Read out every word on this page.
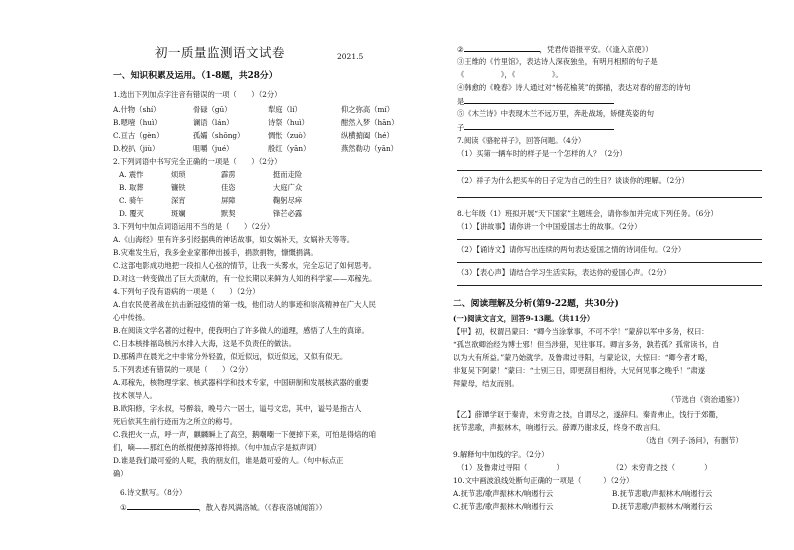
初一质量监测语文试卷	2021.5
一、知识积累及运用。（1-8题，共28分）
1.选出下列加点字注音有错误的一项（　　）（2分）
A.什物（shí）	骨碌（gū）	犁庭（lí）	仰之弥高（mí）
B.嗯噎（huì）	谰语（lán）	诗祭（huì）	酣然入梦（hān）
C.亘古（gèn）	孤孀（shōng）	惆怅（zuò）	纵横掮阖（hé）
D.校扒（jiù）	咀嚼（jué）	殷红（yān）	燕然勒功（yān）
2.下列词语中书写完全正确的一项是（　　）（2分）
A. 震怍	烦琐	霹雳	挺而走险
B. 取葬	镰铁	佳恣	大庭广众
C. 骑午	深宵	屏障	鞠躬尽瘁
D. 覆灭	斑斓	默契	锋芒必露
3.下列句中加点词语运用不当的是（　　）（2分）
A.《山海经》里有许多引经据典的神话故事，如女娲补天，女娲补天等等。
B.灾难发生后，我多金业家都伸出援手，捐款捐物，慷慨捐满。
C.这部电影成功地把一段扣人心弦的情节，让我一头雾水，完全忘记了如何思考。
D.对这一转变做出了巨大贡献的，有一位长期以来鲜为人知的科学家——邓稼先。
4.下列句子没有语病的一项是（　　）（2分）
A.自农民使者战在抗击新冠疫情的第一线，他们动人的事迹和崇高精神在广大人民
心中传扬。
B.在阅读文学名著的过程中，使我明白了许多做人的道理，感悟了人生的真谛。
C.日本核排福岛核污水排入大海，这是不负责任的做法。
D.那稀声在晨光之中非常分外轻盈，似近似远，似近似远，又似有似无。
5.下列表述有错误的一项是（　　）（2分）
A.邓稼先，核物理学家、核武器科学和技术专家，中国研制和发展核武器的重要
技术领导人。
B.欧阳修，字永叔，号醉翁，晚号六一居士，谥号文忠，其中，谥号是指古人
死后依其生前行迹而为之所立的称号。
C.我把火一点，呼一声，麒麟瞬上了高空，鹅嘲嘲一下便掉下来，可怕是得焙的咱
们，嘀——那红色的纸棍便掉落掉将掉。（句中加点字是拟声词）
D.谁是我们最可爱的人呢，我的朋友们，谁是最可爱的人。（句中标点正
确）
6.诗文默写。（8分）
①	，散入春风满洛城。（《春夜洛城闻笛》）
②	，凭君传语报平安。（《逢入京使》）
③王维的《竹里馆》，表达诗人深夜独坐，有明月相照的句子是
《　　　　　》，《　　　　　》。
④韩愈的《晚春》诗人通过对“杨花榆荚”的掷描，表达对春的留恋的诗句
是
⑤《木兰诗》中表现木兰不远万里，奔赴战场，矫健英姿的句
子
7.阅读《骆驼祥子》，回答问题。（4分）
（1）买第一辆车时的样子是一个怎样的人？（2分）
（2）祥子为什么把买车的日子定为自己的生日？谈谈你的理解。（2分）
8.七年级（1）班拟开展“天下国家”主题班会，请你参加并完成下列任务。（6分）
（1）【讲故事】请你讲一个中国爱国志士的故事。（2分）
（2）【诵诗文】请你写出连续的两句表达爱国之情的诗词佳句。（2分）
（3）【表心声】请结合学习生活实际，表达你的爱国心声。（2分）
二、阅读理解及分析(第9-22题，共30分)
(一)阅读文言文，回答9-13题。（共11分）
【甲】初，权谓吕蒙曰：“卿今当涂掌事，不可不学！”蒙辞以军中多务，权曰：
“孤岂欲卿治经为博士邪！但当涉猎，见往事耳。卿言多务，孰若孤？孤常读书，自
以为大有所益。”蒙乃始就学。及鲁肃过寻阳，与蒙论议，大惊曰：“卿今者才略，
非复吴下阿蒙！”蒙曰：“士别三日，即更刮目相待，大兄何见事之晚乎！”肃遂
拜蒙母，结友而别。
（节选自《资治通鉴》）
【乙】薛谭学讴于秦青，未穷青之技，自谓尽之，遂辞归。秦青弗止，饯行于郊衢，
抚节悲歌，声振林木，响遏行云。薛谭乃谢求反，终身不敢言归。
（选自《列子·汤问》，有删节）
9.解释句中加线的字。（2分）
（1）及鲁肃过寻阳（　　　　）	（2）未穷青之技（　　　　）
10.文中画波浪线处断句正确的一项是（　　　）（2分）
A.抚节悲/歌声振林木/响遏行云	B.抚节悲歌/声振林木/响遏行云
C.抚节悲/歌声振林木/响遏行云	D.抚节悲歌/声振林木/响遏行云
